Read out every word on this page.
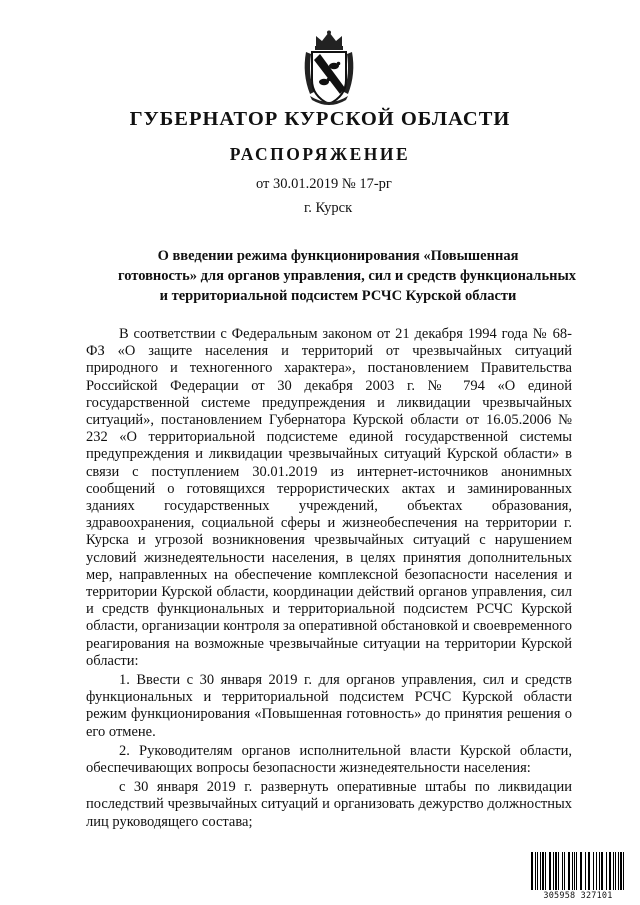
ГУБЕРНАТОР КУРСКОЙ ОБЛАСТИ
РАСПОРЯЖЕНИЕ
от 30.01.2019 № 17-рг
г. Курск
О введении режима функционирования «Повышенная
готовность» для органов управления, сил и средств функциональных
и территориальной подсистем РСЧС Курской области

В соответствии с Федеральным законом от 21 декабря 1994 года № 68-ФЗ «О защите населения и территорий от чрезвычайных ситуаций природного и техногенного характера», постановлением Правительства Российской Федерации от 30 декабря 2003 г. № 794 «О единой государственной системе предупреждения и ликвидации чрезвычайных ситуаций», постановлением Губернатора Курской области от 16.05.2006 № 232 «О территориальной подсистеме единой государственной системы предупреждения и ликвидации чрезвычайных ситуаций Курской области» в связи с поступлением 30.01.2019 из интернет-источников анонимных сообщений о готовящихся террористических актах и заминированных зданиях государственных учреждений, объектах образования, здравоохранения, социальной сферы и жизнеобеспечения на территории г. Курска и угрозой возникновения чрезвычайных ситуаций с нарушением условий жизнедеятельности населения, в целях принятия дополнительных мер, направленных на обеспечение комплексной безопасности населения и территории Курской области, координации действий органов управления, сил и средств функциональных и территориальной подсистем РСЧС Курской области, организации контроля за оперативной обстановкой и своевременного реагирования на возможные чрезвычайные ситуации на территории Курской области:

1. Ввести с 30 января 2019 г. для органов управления, сил и средств функциональных и территориальной подсистем РСЧС Курской области режим функционирования «Повышенная готовность» до принятия решения о его отмене.

2. Руководителям органов исполнительной власти Курской области, обеспечивающих вопросы безопасности жизнедеятельности населения:

с 30 января 2019 г. развернуть оперативные штабы по ликвидации последствий чрезвычайных ситуаций и организовать дежурство должностных лиц руководящего состава;

305958 327101
